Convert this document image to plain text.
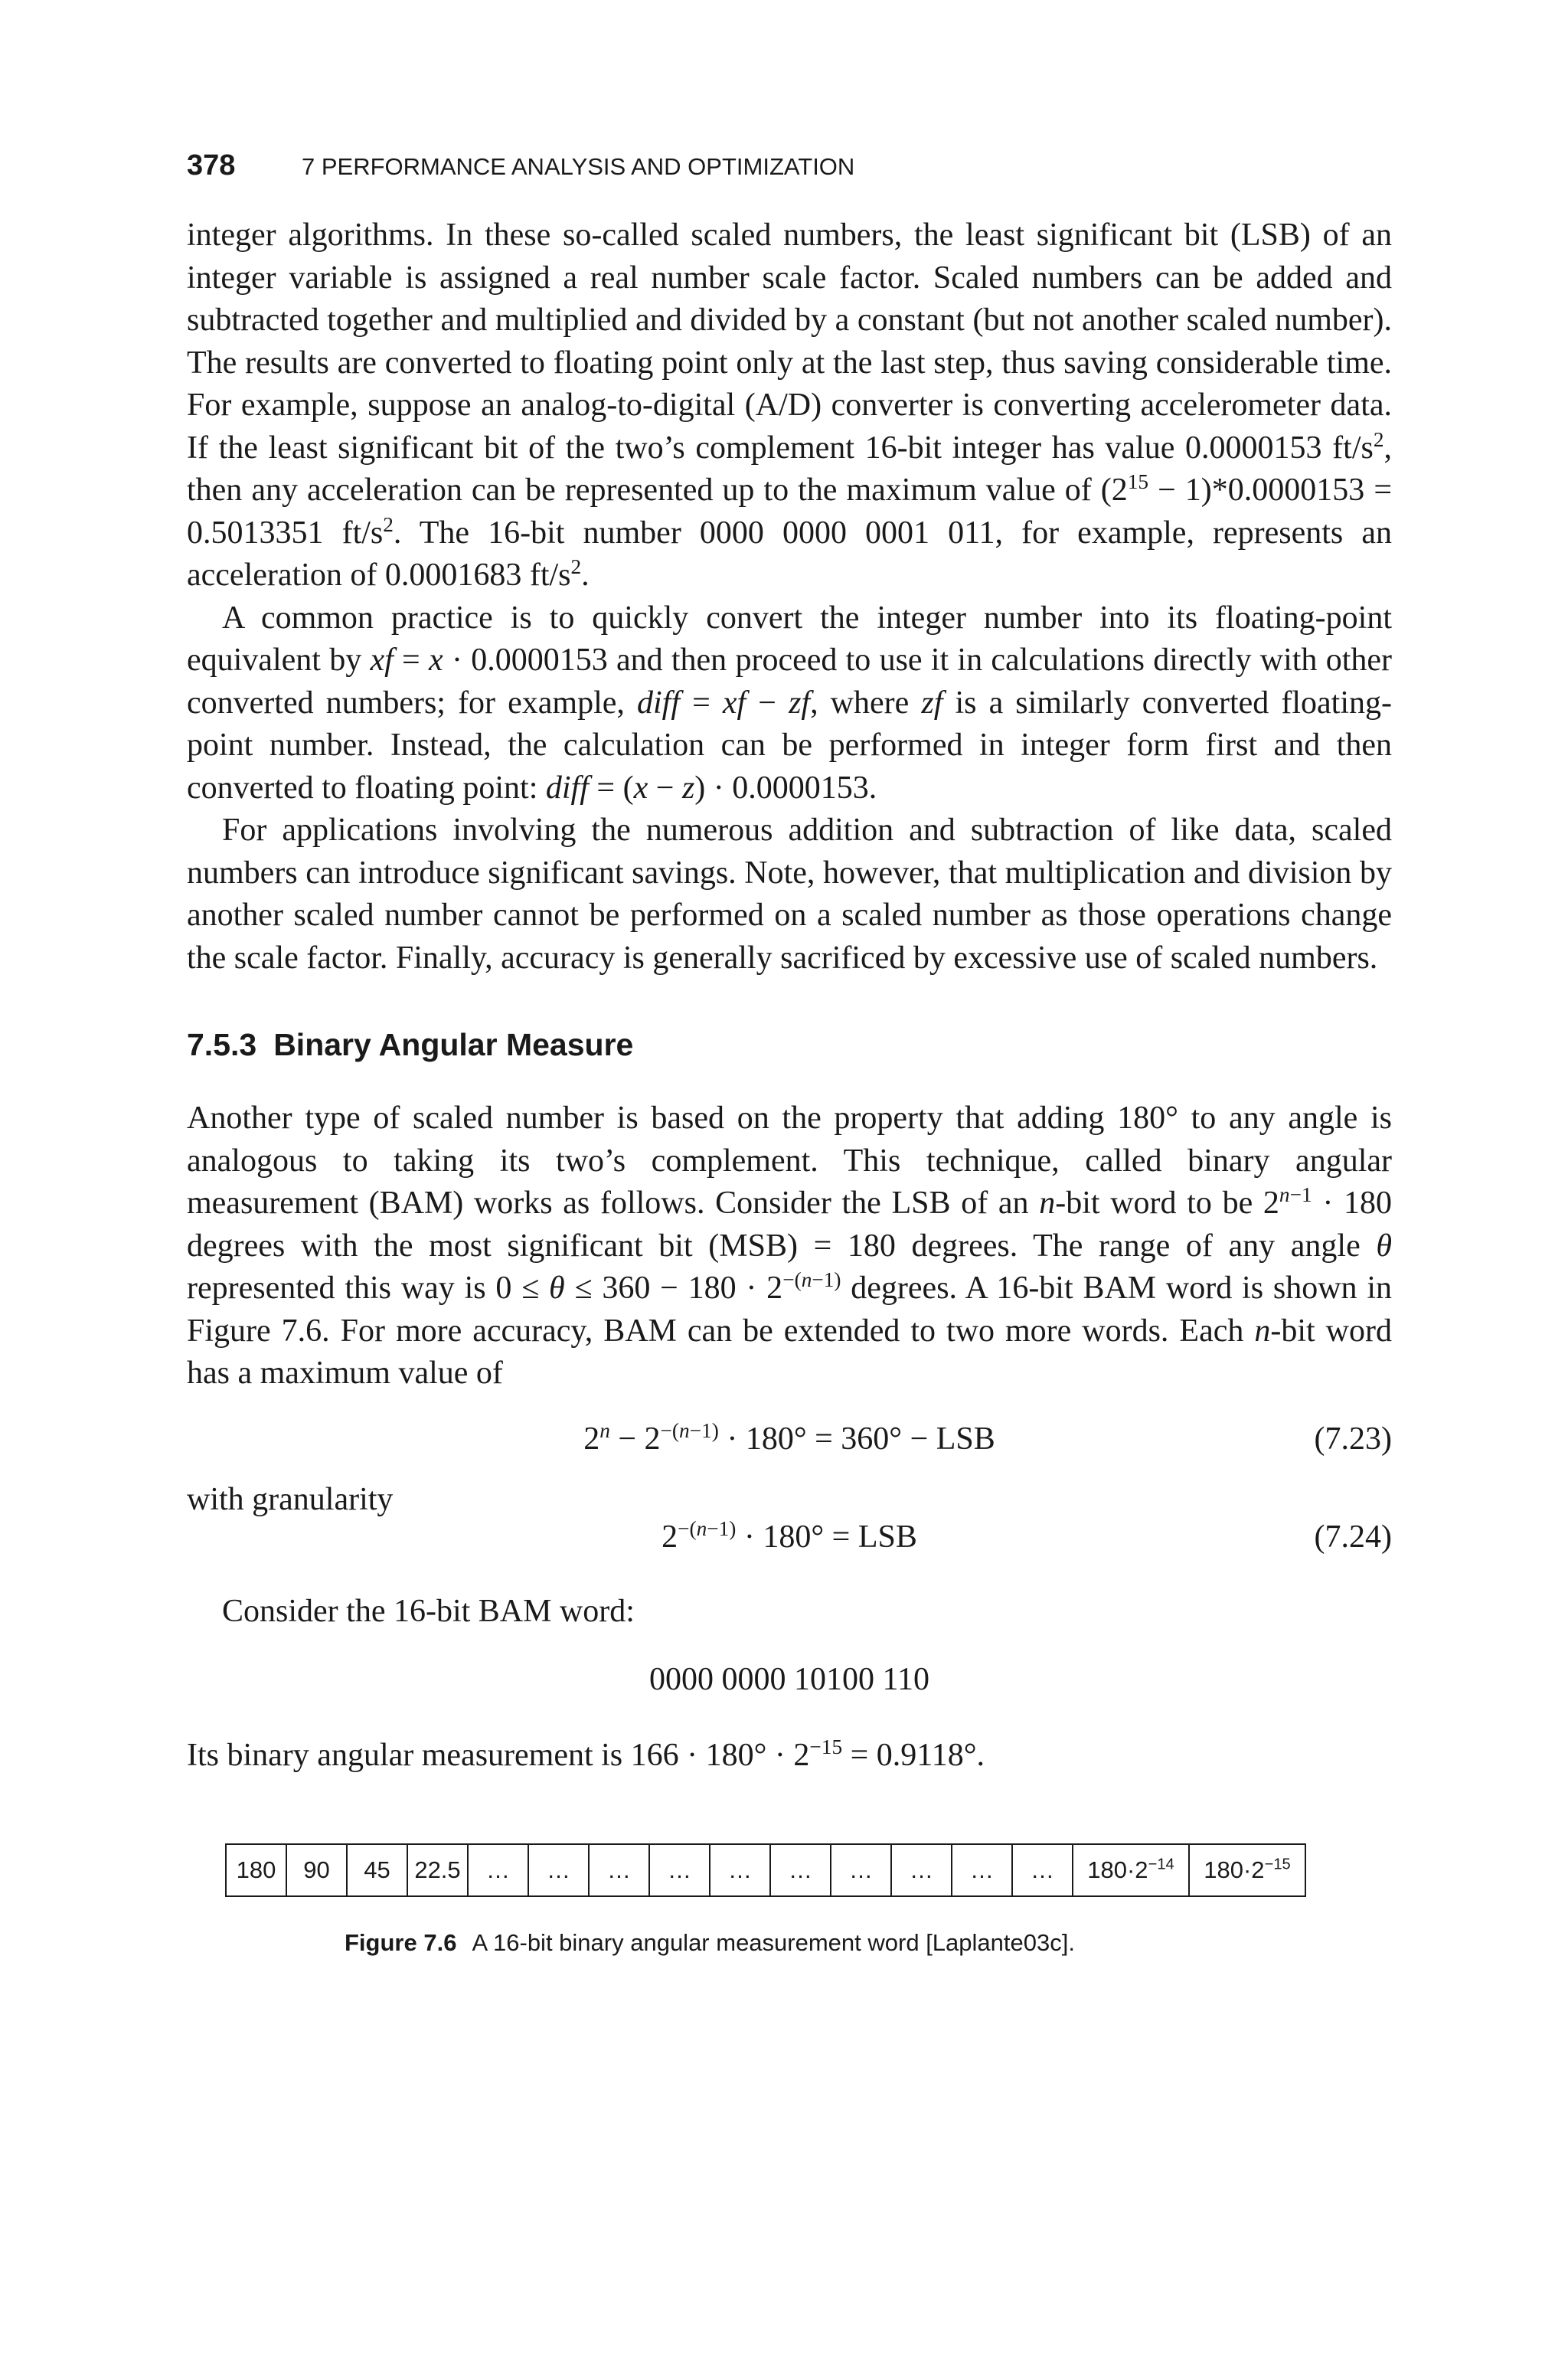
378	7 PERFORMANCE ANALYSIS AND OPTIMIZATION

integer algorithms. In these so-called scaled numbers, the least significant bit (LSB) of an integer variable is assigned a real number scale factor. Scaled numbers can be added and subtracted together and multiplied and divided by a constant (but not another scaled number). The results are converted to floating point only at the last step, thus saving considerable time. For example, suppose an analog-to-digital (A/D) converter is converting accelerometer data. If the least significant bit of the two’s complement 16-bit integer has value 0.0000153 $ft/s^2$, then any acceleration can be represented up to the maximum value of $(2^{15} - 1)*0.0000153 = 0.5013351$ $ft/s^2$. The 16-bit number 0000 0000 0001 011, for example, represents an acceleration of 0.0001683 $ft/s^2$.

A common practice is to quickly convert the integer number into its floating-point equivalent by xf = x · 0.0000153 and then proceed to use it in calculations directly with other converted numbers; for example, diff = xf − zf, where zf is a similarly converted floating-point number. Instead, the calculation can be performed in integer form first and then converted to floating point: diff = (x − z) · 0.0000153.

For applications involving the numerous addition and subtraction of like data, scaled numbers can introduce significant savings. Note, however, that multiplication and division by another scaled number cannot be performed on a scaled number as those operations change the scale factor. Finally, accuracy is generally sacrificed by excessive use of scaled numbers.

7.5.3 Binary Angular Measure

Another type of scaled number is based on the property that adding 180° to any angle is analogous to taking its two’s complement. This technique, called binary angular measurement (BAM) works as follows. Consider the LSB of an n-bit word to be $2^{n-1} \cdot 180$ degrees with the most significant bit (MSB) = 180 degrees. The range of any angle θ represented this way is $0 \le \theta \le 360 - 180 \cdot 2^{-(n-1)}$ degrees. A 16-bit BAM word is shown in Figure 7.6. For more accuracy, BAM can be extended to two more words. Each n-bit word has a maximum value of

$2^n - 2^{-(n-1)} \cdot 180^\circ = 360^\circ$ − LSB	(7.23)
with granularity
$2^{-(n-1)} \cdot 180^\circ$ = LSB	(7.24)

Consider the 16-bit BAM word:

0000 0000 10100 110

Its binary angular measurement is $166 \cdot 180^\circ \cdot 2^{-15} = 0.9118^\circ$.

180	90	45	22.5	…	…	…	…	…	…	…	…	…	…	$180\cdot 2^{-14}$	$180\cdot 2^{-15}$
Figure 7.6 A 16-bit binary angular measurement word [Laplante03c].
